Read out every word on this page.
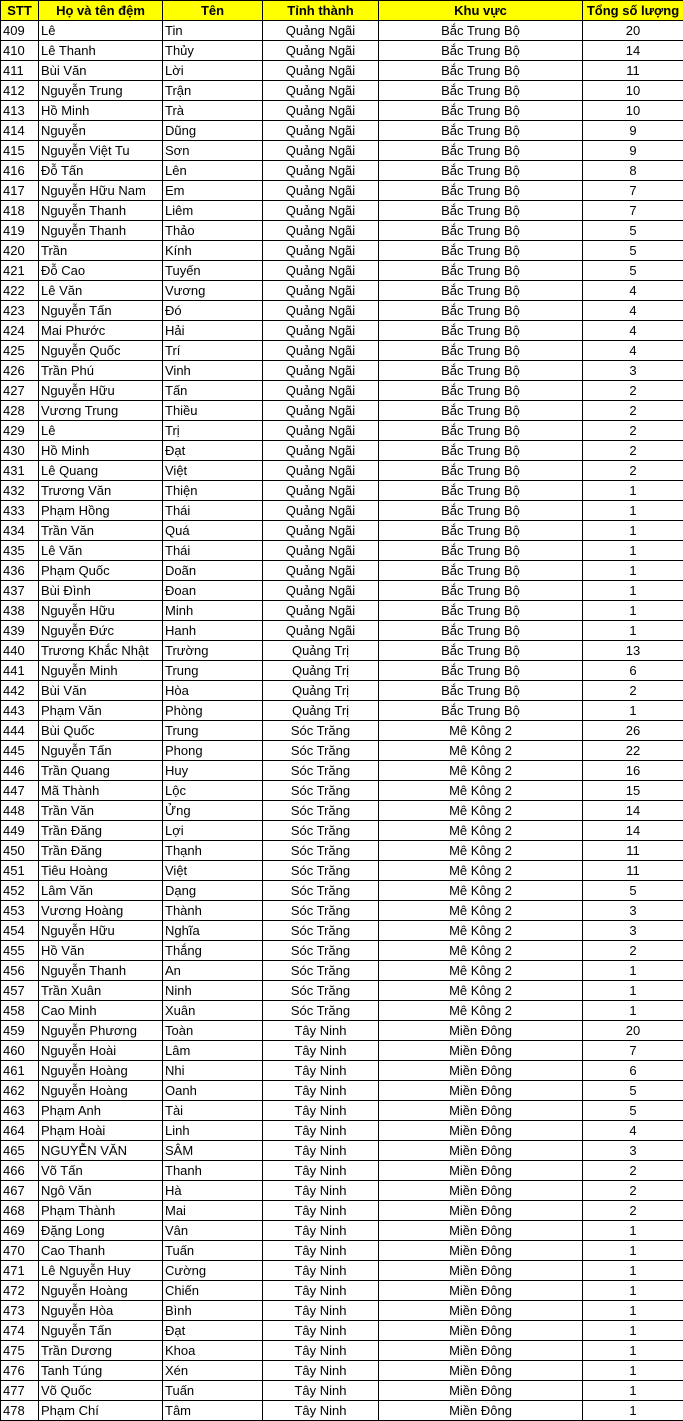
STT	Họ và tên đệm	Tên	Tỉnh thành	Khu vực	Tổng số lượng
409	Lê	Tin	Quảng Ngãi	Bắc Trung Bộ	20
410	Lê Thanh	Thủy	Quảng Ngãi	Bắc Trung Bộ	14
411	Bùi Văn	Lời	Quảng Ngãi	Bắc Trung Bộ	11
412	Nguyễn Trung	Trận	Quảng Ngãi	Bắc Trung Bộ	10
413	Hồ Minh	Trà	Quảng Ngãi	Bắc Trung Bộ	10
414	Nguyễn	Dũng	Quảng Ngãi	Bắc Trung Bộ	9
415	Nguyễn Việt Tu	Sơn	Quảng Ngãi	Bắc Trung Bộ	9
416	Đỗ Tấn	Lên	Quảng Ngãi	Bắc Trung Bộ	8
417	Nguyễn Hữu Nam	Em	Quảng Ngãi	Bắc Trung Bộ	7
418	Nguyễn Thanh	Liêm	Quảng Ngãi	Bắc Trung Bộ	7
419	Nguyễn Thanh	Thảo	Quảng Ngãi	Bắc Trung Bộ	5
420	Trần	Kính	Quảng Ngãi	Bắc Trung Bộ	5
421	Đỗ Cao	Tuyến	Quảng Ngãi	Bắc Trung Bộ	5
422	Lê Văn	Vương	Quảng Ngãi	Bắc Trung Bộ	4
423	Nguyễn Tấn	Đó	Quảng Ngãi	Bắc Trung Bộ	4
424	Mai Phước	Hải	Quảng Ngãi	Bắc Trung Bộ	4
425	Nguyễn Quốc	Trí	Quảng Ngãi	Bắc Trung Bộ	4
426	Trần Phú	Vinh	Quảng Ngãi	Bắc Trung Bộ	3
427	Nguyễn Hữu	Tấn	Quảng Ngãi	Bắc Trung Bộ	2
428	Vương Trung	Thiều	Quảng Ngãi	Bắc Trung Bộ	2
429	Lê	Trị	Quảng Ngãi	Bắc Trung Bộ	2
430	Hồ Minh	Đạt	Quảng Ngãi	Bắc Trung Bộ	2
431	Lê Quang	Việt	Quảng Ngãi	Bắc Trung Bộ	2
432	Trương Văn	Thiện	Quảng Ngãi	Bắc Trung Bộ	1
433	Phạm Hồng	Thái	Quảng Ngãi	Bắc Trung Bộ	1
434	Trần Văn	Quá	Quảng Ngãi	Bắc Trung Bộ	1
435	Lê Văn	Thái	Quảng Ngãi	Bắc Trung Bộ	1
436	Phạm Quốc	Doãn	Quảng Ngãi	Bắc Trung Bộ	1
437	Bùi Đình	Đoan	Quảng Ngãi	Bắc Trung Bộ	1
438	Nguyễn Hữu	Minh	Quảng Ngãi	Bắc Trung Bộ	1
439	Nguyễn Đức	Hanh	Quảng Ngãi	Bắc Trung Bộ	1
440	Trương Khắc Nhật	Trường	Quảng Trị	Bắc Trung Bộ	13
441	Nguyễn Minh	Trung	Quảng Trị	Bắc Trung Bộ	6
442	Bùi Văn	Hòa	Quảng Trị	Bắc Trung Bộ	2
443	Phạm Văn	Phòng	Quảng Trị	Bắc Trung Bộ	1
444	Bùi Quốc	Trung	Sóc Trăng	Mê Kông 2	26
445	Nguyễn Tấn	Phong	Sóc Trăng	Mê Kông 2	22
446	Trần Quang	Huy	Sóc Trăng	Mê Kông 2	16
447	Mã Thành	Lộc	Sóc Trăng	Mê Kông 2	15
448	Trần Văn	Ửng	Sóc Trăng	Mê Kông 2	14
449	Trần Đăng	Lợi	Sóc Trăng	Mê Kông 2	14
450	Trần Đăng	Thạnh	Sóc Trăng	Mê Kông 2	11
451	Tiêu Hoàng	Việt	Sóc Trăng	Mê Kông 2	11
452	Lâm Văn	Dạng	Sóc Trăng	Mê Kông 2	5
453	Vương Hoàng	Thành	Sóc Trăng	Mê Kông 2	3
454	Nguyễn Hữu	Nghĩa	Sóc Trăng	Mê Kông 2	3
455	Hồ Văn	Thắng	Sóc Trăng	Mê Kông 2	2
456	Nguyễn Thanh	An	Sóc Trăng	Mê Kông 2	1
457	Trần Xuân	Ninh	Sóc Trăng	Mê Kông 2	1
458	Cao Minh	Xuân	Sóc Trăng	Mê Kông 2	1
459	Nguyễn Phương	Toàn	Tây Ninh	Miền Đông	20
460	Nguyễn Hoài	Lâm	Tây Ninh	Miền Đông	7
461	Nguyễn Hoàng	Nhi	Tây Ninh	Miền Đông	6
462	Nguyễn Hoàng	Oanh	Tây Ninh	Miền Đông	5
463	Phạm Anh	Tài	Tây Ninh	Miền Đông	5
464	Phạm Hoài	Linh	Tây Ninh	Miền Đông	4
465	NGUYỄN VĂN	SÂM	Tây Ninh	Miền Đông	3
466	Võ Tấn	Thanh	Tây Ninh	Miền Đông	2
467	Ngô Văn	Hà	Tây Ninh	Miền Đông	2
468	Phạm Thành	Mai	Tây Ninh	Miền Đông	2
469	Đặng Long	Vân	Tây Ninh	Miền Đông	1
470	Cao Thanh	Tuấn	Tây Ninh	Miền Đông	1
471	Lê Nguyễn Huy	Cường	Tây Ninh	Miền Đông	1
472	Nguyễn Hoàng	Chiến	Tây Ninh	Miền Đông	1
473	Nguyễn Hòa	Bình	Tây Ninh	Miền Đông	1
474	Nguyễn Tấn	Đạt	Tây Ninh	Miền Đông	1
475	Trần Dương	Khoa	Tây Ninh	Miền Đông	1
476	Tanh Túng	Xén	Tây Ninh	Miền Đông	1
477	Võ Quốc	Tuấn	Tây Ninh	Miền Đông	1
478	Phạm Chí	Tâm	Tây Ninh	Miền Đông	1
